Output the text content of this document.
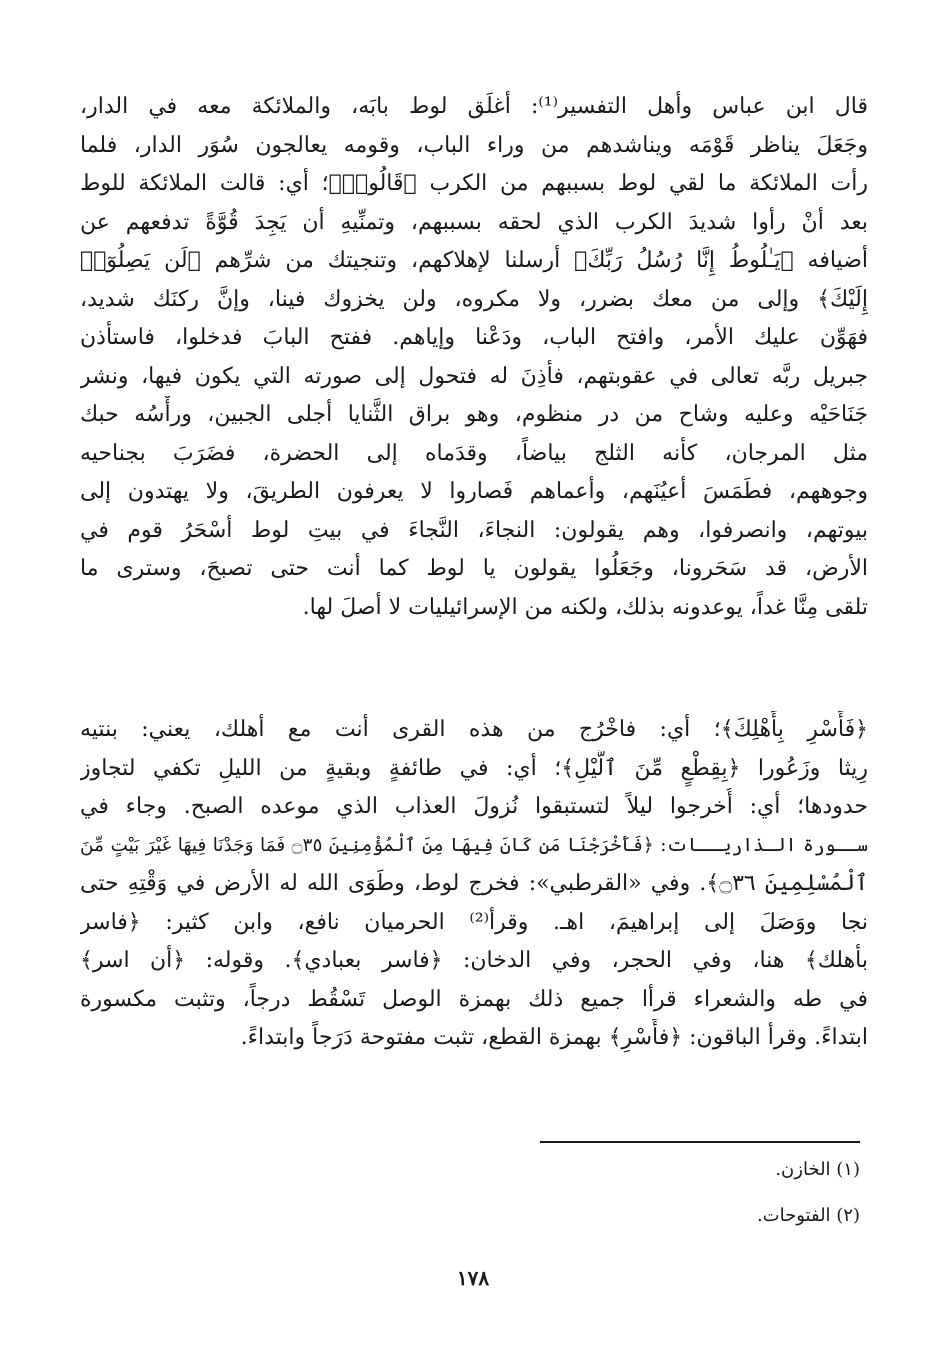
قال ابن عباس وأهل التفسير⁽¹⁾: أغلَق لوط بابَه، والملائكة معه في الدار،
وجَعَلَ يناظر قَوْمَه ويناشدهم من وراء الباب، وقومه يعالجون سُوَر الدار، فلما
رأت الملائكة ما لقي لوط بسببهم من الكرب ﴿قَالُوا۟﴾؛ أي: قالت الملائكة للوط
بعد أنْ رأوا شديدَ الكرب الذي لحقه بسببهم، وتمنِّيهِ أن يَجِدَ قُوَّةً تدفعهم عن
أضيافه ﴿يَـٰلُوطُ إِنَّا رُسُلُ رَبِّكَ﴾ أرسلنا لإهلاكهم، وتنجيتك من شرِّهم ﴿لَن يَصِلُوٓا۟
إِلَيْكَ﴾ وإلى من معك بضرر، ولا مكروه، ولن يخزوك فينا، وإنَّ ركنَك شديد،
فهَوِّن عليك الأمر، وافتح الباب، ودَعْنا وإياهم. ففتح البابَ فدخلوا، فاستأذن
جبريل ربَّه تعالى في عقوبتهم، فأذِنَ له فتحول إلى صورته التي يكون فيها، ونشر
جَنَاحَيْه وعليه وشاح من در منظوم، وهو براق الثَّنايا أجلى الجبين، ورأْسُه حبك
مثل المرجان، كأنه الثلج بياضاً، وقدَماه إلى الحضرة، فضَرَبَ بجناحيه
وجوههم، فطَمَسَ أعيُنَهم، وأعماهم فَصاروا لا يعرفون الطريقَ، ولا يهتدون إلى
بيوتهم، وانصرفوا، وهم يقولون: النجاءَ، النَّجاءَ في بيتِ لوط أسْحَرُ قوم في
الأرض، قد سَحَرونا، وجَعَلُوا يقولون يا لوط كما أنت حتى تصبحَ، وسترى ما
تلقى مِنَّا غداً، يوعدونه بذلك، ولكنه من الإسرائيليات لا أصلَ لها.
﴿فَأَسْرِ بِأَهْلِكَ﴾؛ أي: فاخْرُج من هذه القرى أنت مع أهلك، يعني: بنتيه
رِيثا وزَعُورا ﴿بِقِطْعٍ مِّنَ ٱلَّيْلِ﴾؛ أي: في طائفةٍ وبقيةٍ من الليلِ تكفي لتجاوز
حدودها؛ أي: أُخرجوا ليلاً لتستبقوا نُزولَ العذاب الذي موعده الصبح. وجاء في
ســورة الـذاريــات: ﴿فَأَخْرَجْنَا مَن كَانَ فِيهَا مِنَ ٱلْمُؤْمِنِينَ ۝٣٥ فَمَا وَجَدْنَا فِيهَا غَيْرَ بَيْتٍ مِّنَ
ٱلْمُسْلِمِينَ ۝٣٦﴾. وفي «القرطبي»: فخرج لوط، وطَوَى الله له الأرض في وَقْتِهِ حتى
نجا ووَصَلَ إلى إبراهيمَ، اهـ. وقرأ⁽²⁾ الحرميان نافع، وابن كثير: ﴿فاسر
بأهلك﴾ هنا، وفي الحجر، وفي الدخان: ﴿فاسر بعبادي﴾. وقوله: ﴿أن اسر﴾
في طه والشعراء قرأا جميع ذلك بهمزة الوصل تَسْقُط درجاً، وتثبت مكسورة
ابتداءً. وقرأ الباقون: ﴿فأَسْرِ﴾ بهمزة القطع، تثبت مفتوحة دَرَجاً وابتداءً.
(١) الخازن.
(٢) الفتوحات.
١٧٨
